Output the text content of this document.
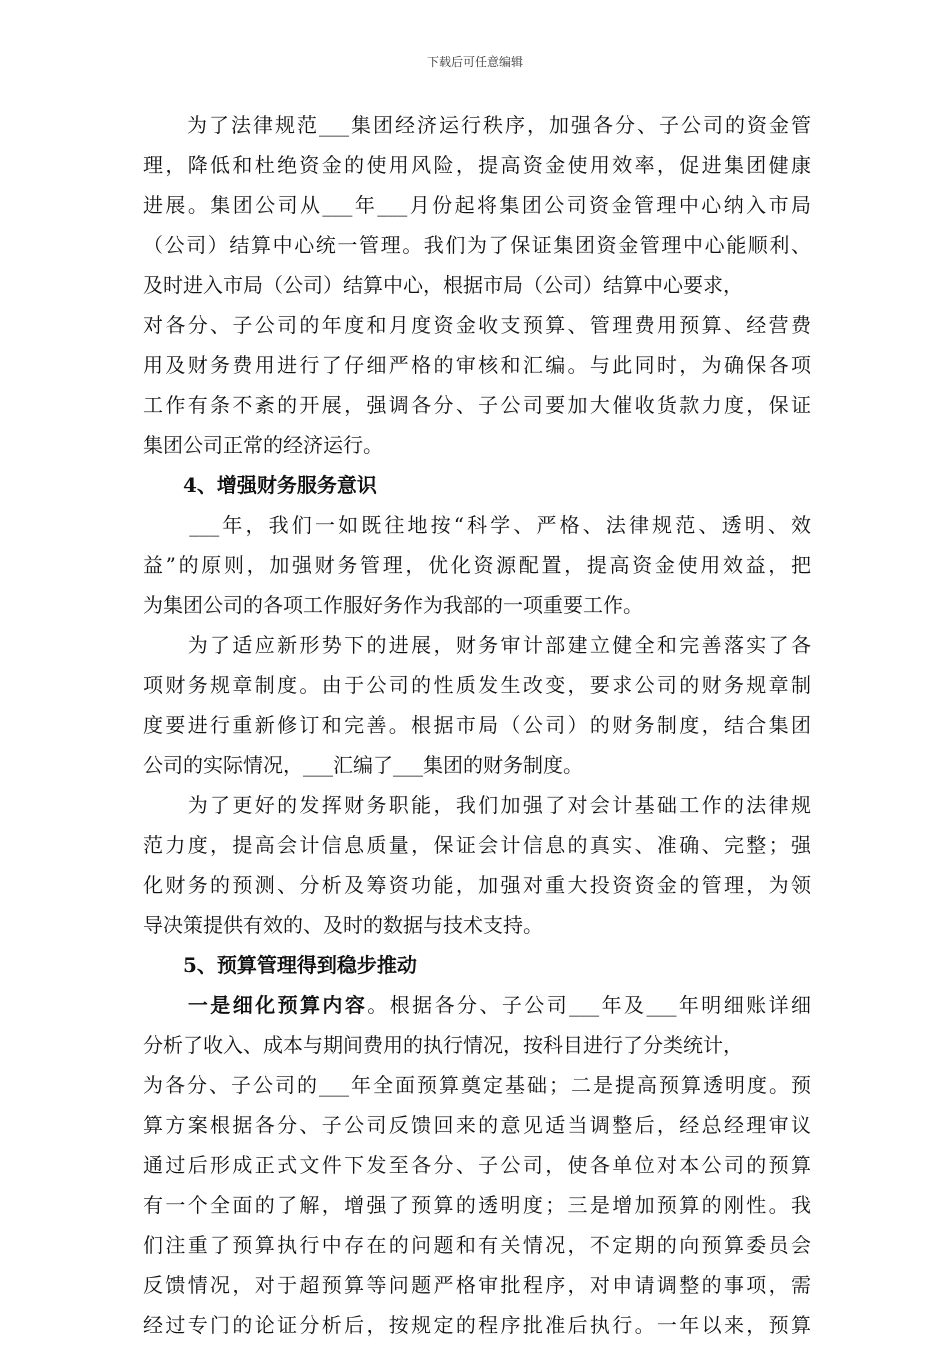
下载后可任意编辑
　　为了法律规范___集团经济运行秩序，加强各分、子公司的资金管
理，降低和杜绝资金的使用风险，提高资金使用效率，促进集团健康
进展。集团公司从___年___月份起将集团公司资金管理中心纳入市局
（公司）结算中心统一管理。我们为了保证集团资金管理中心能顺利、
及时进入市局（公司）结算中心，根据市局（公司）结算中心要求，
对各分、子公司的年度和月度资金收支预算、管理费用预算、经营费
用及财务费用进行了仔细严格的审核和汇编。与此同时，为确保各项
工作有条不紊的开展，强调各分、子公司要加大催收货款力度，保证
集团公司正常的经济运行。
　　4、增强财务服务意识
　　___年，我们一如既往地按“科学、严格、法律规范、透明、效
益”的原则，加强财务管理，优化资源配置，提高资金使用效益，把
为集团公司的各项工作服好务作为我部的一项重要工作。
　　为了适应新形势下的进展，财务审计部建立健全和完善落实了各
项财务规章制度。由于公司的性质发生改变，要求公司的财务规章制
度要进行重新修订和完善。根据市局（公司）的财务制度，结合集团
公司的实际情况，___汇编了___集团的财务制度。
　　为了更好的发挥财务职能，我们加强了对会计基础工作的法律规
范力度，提高会计信息质量，保证会计信息的真实、准确、完整；强
化财务的预测、分析及筹资功能，加强对重大投资资金的管理，为领
导决策提供有效的、及时的数据与技术支持。
　　5、预算管理得到稳步推动
　　一是细化预算内容。根据各分、子公司___年及___年明细账详细
分析了收入、成本与期间费用的执行情况，按科目进行了分类统计，
为各分、子公司的___年全面预算奠定基础；二是提高预算透明度。预
算方案根据各分、子公司反馈回来的意见适当调整后，经总经理审议
通过后形成正式文件下发至各分、子公司，使各单位对本公司的预算
有一个全面的了解，增强了预算的透明度；三是增加预算的刚性。我
们注重了预算执行中存在的问题和有关情况，不定期的向预算委员会
反馈情况，对于超预算等问题严格审批程序，对申请调整的事项，需
经过专门的论证分析后，按规定的程序批准后执行。一年以来，预算
